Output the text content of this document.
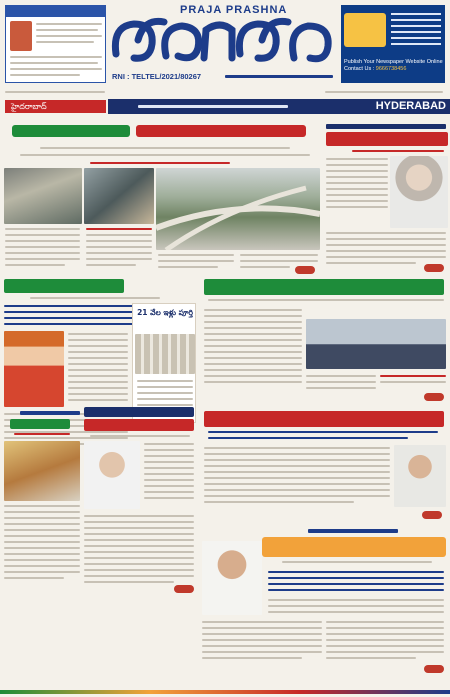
హైదరాబాద్
PRAJA PRASHNA
RNI : TELTEL/2021/80267
Publish Your Newspaper Website Online
Contact Us : 9666738456
HYDERABAD
21 వేల ఇళ్లు పూర్తి
